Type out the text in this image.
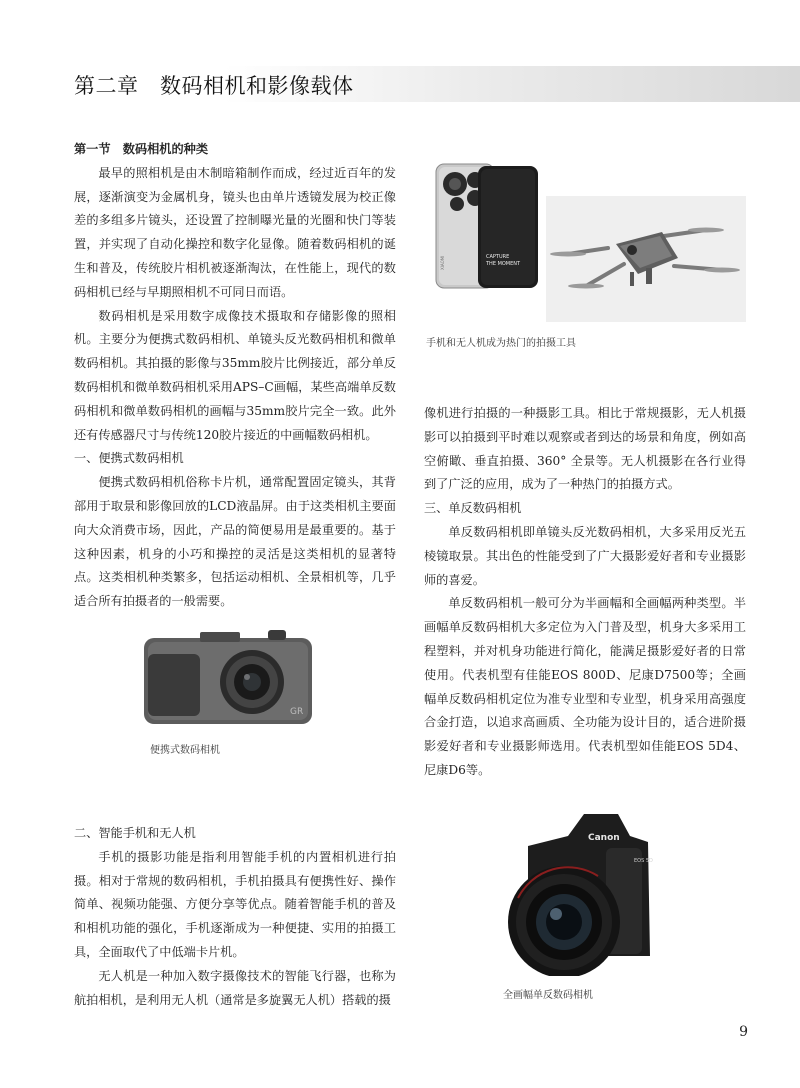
第二章　数码相机和影像载体

第一节　数码相机的种类

最早的照相机是由木制暗箱制作而成，经过近百年的发展，逐渐演变为金属机身，镜头也由单片透镜发展为校正像差的多组多片镜头，还设置了控制曝光量的光圈和快门等装置，并实现了自动化操控和数字化显像。随着数码相机的诞生和普及，传统胶片相机被逐渐淘汰，在性能上，现代的数码相机已经与早期照相机不可同日而语。

数码相机是采用数字成像技术摄取和存储影像的照相机。主要分为便携式数码相机、单镜头反光数码相机和微单数码相机。其拍摄的影像与35mm胶片比例接近，部分单反数码相机和微单数码相机采用APS–C画幅，某些高端单反数码相机和微单数码相机的画幅与35mm胶片完全一致。此外还有传感器尺寸与传统120胶片接近的中画幅数码相机。

一、便携式数码相机

便携式数码相机俗称卡片机，通常配置固定镜头，其背部用于取景和影像回放的LCD液晶屏。由于这类相机主要面向大众消费市场，因此，产品的简便易用是最重要的。基于这种因素，机身的小巧和操控的灵活是这类相机的显著特点。这类相机种类繁多，包括运动相机、全景相机等，几乎适合所有拍摄者的一般需要。

二、智能手机和无人机

手机的摄影功能是指利用智能手机的内置相机进行拍摄。相对于常规的数码相机，手机拍摄具有便携性好、操作简单、视频功能强、方便分享等优点。随着智能手机的普及和相机功能的强化，手机逐渐成为一种便捷、实用的拍摄工具，全面取代了中低端卡片机。

无人机是一种加入数字摄像技术的智能飞行器，也称为航拍相机，是利用无人机（通常是多旋翼无人机）搭载的摄

像机进行拍摄的一种摄影工具。相比于常规摄影，无人机摄影可以拍摄到平时难以观察或者到达的场景和角度，例如高空俯瞰、垂直拍摄、360° 全景等。无人机摄影在各行业得到了广泛的应用，成为了一种热门的拍摄方式。

三、单反数码相机

单反数码相机即单镜头反光数码相机，大多采用反光五棱镜取景。其出色的性能受到了广大摄影爱好者和专业摄影师的喜爱。

单反数码相机一般可分为半画幅和全画幅两种类型。半画幅单反数码相机大多定位为入门普及型，机身大多采用工程塑料，并对机身功能进行简化，能满足摄影爱好者的日常使用。代表机型有佳能EOS 800D、尼康D7500等；全画幅单反数码相机定位为准专业型和专业型，机身采用高强度合金打造，以追求高画质、全功能为设计目的，适合进阶摄影爱好者和专业摄影师选用。代表机型如佳能EOS 5D4、尼康D6等。

CAPTURE
THE MOMENT
XIAOMI
手机和无人机成为热门的拍摄工具
GR
便携式数码相机
Canon
EOS 5D
全画幅单反数码相机
9
